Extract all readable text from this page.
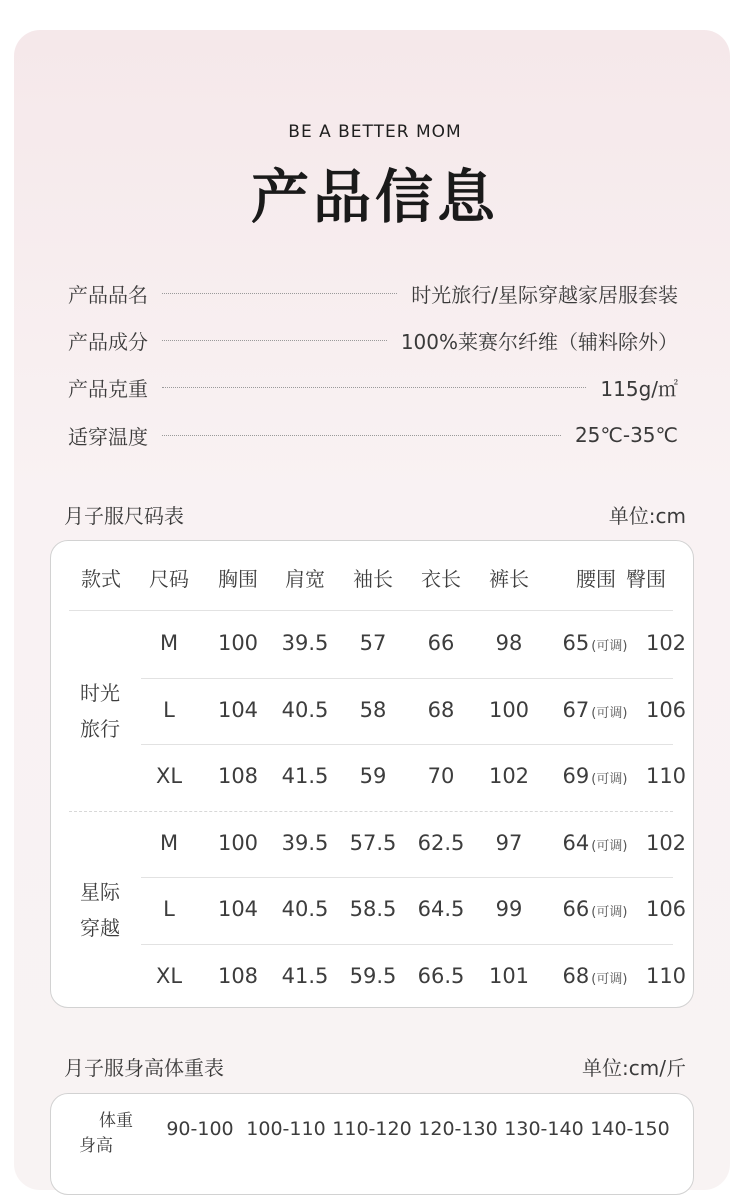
BE A BETTER MOM
产品信息
产品品名	时光旅行/星际穿越家居服套装
产品成分	100%莱赛尔纤维（辅料除外）
产品克重	115g/㎡
适穿温度	25℃-35℃
月子服尺码表	单位:cm
款式	尺码	胸围	肩宽	袖长	衣长	裤长	腰围 臀围
时光
旅行
M	100	39.5	57	66	98	65 (可调) 102
L	104	40.5	58	68	100	67 (可调) 106
XL	108	41.5	59	70	102	69 (可调) 110
星际
穿越
M	100	39.5	57.5	62.5	97	64 (可调) 102
L	104	40.5	58.5	64.5	99	66 (可调) 106
XL	108	41.5	59.5	66.5	101	68 (可调) 110
月子服身高体重表	单位:cm/斤
体重
身高
90-100 100-110 110-120 120-130 130-140 140-150
